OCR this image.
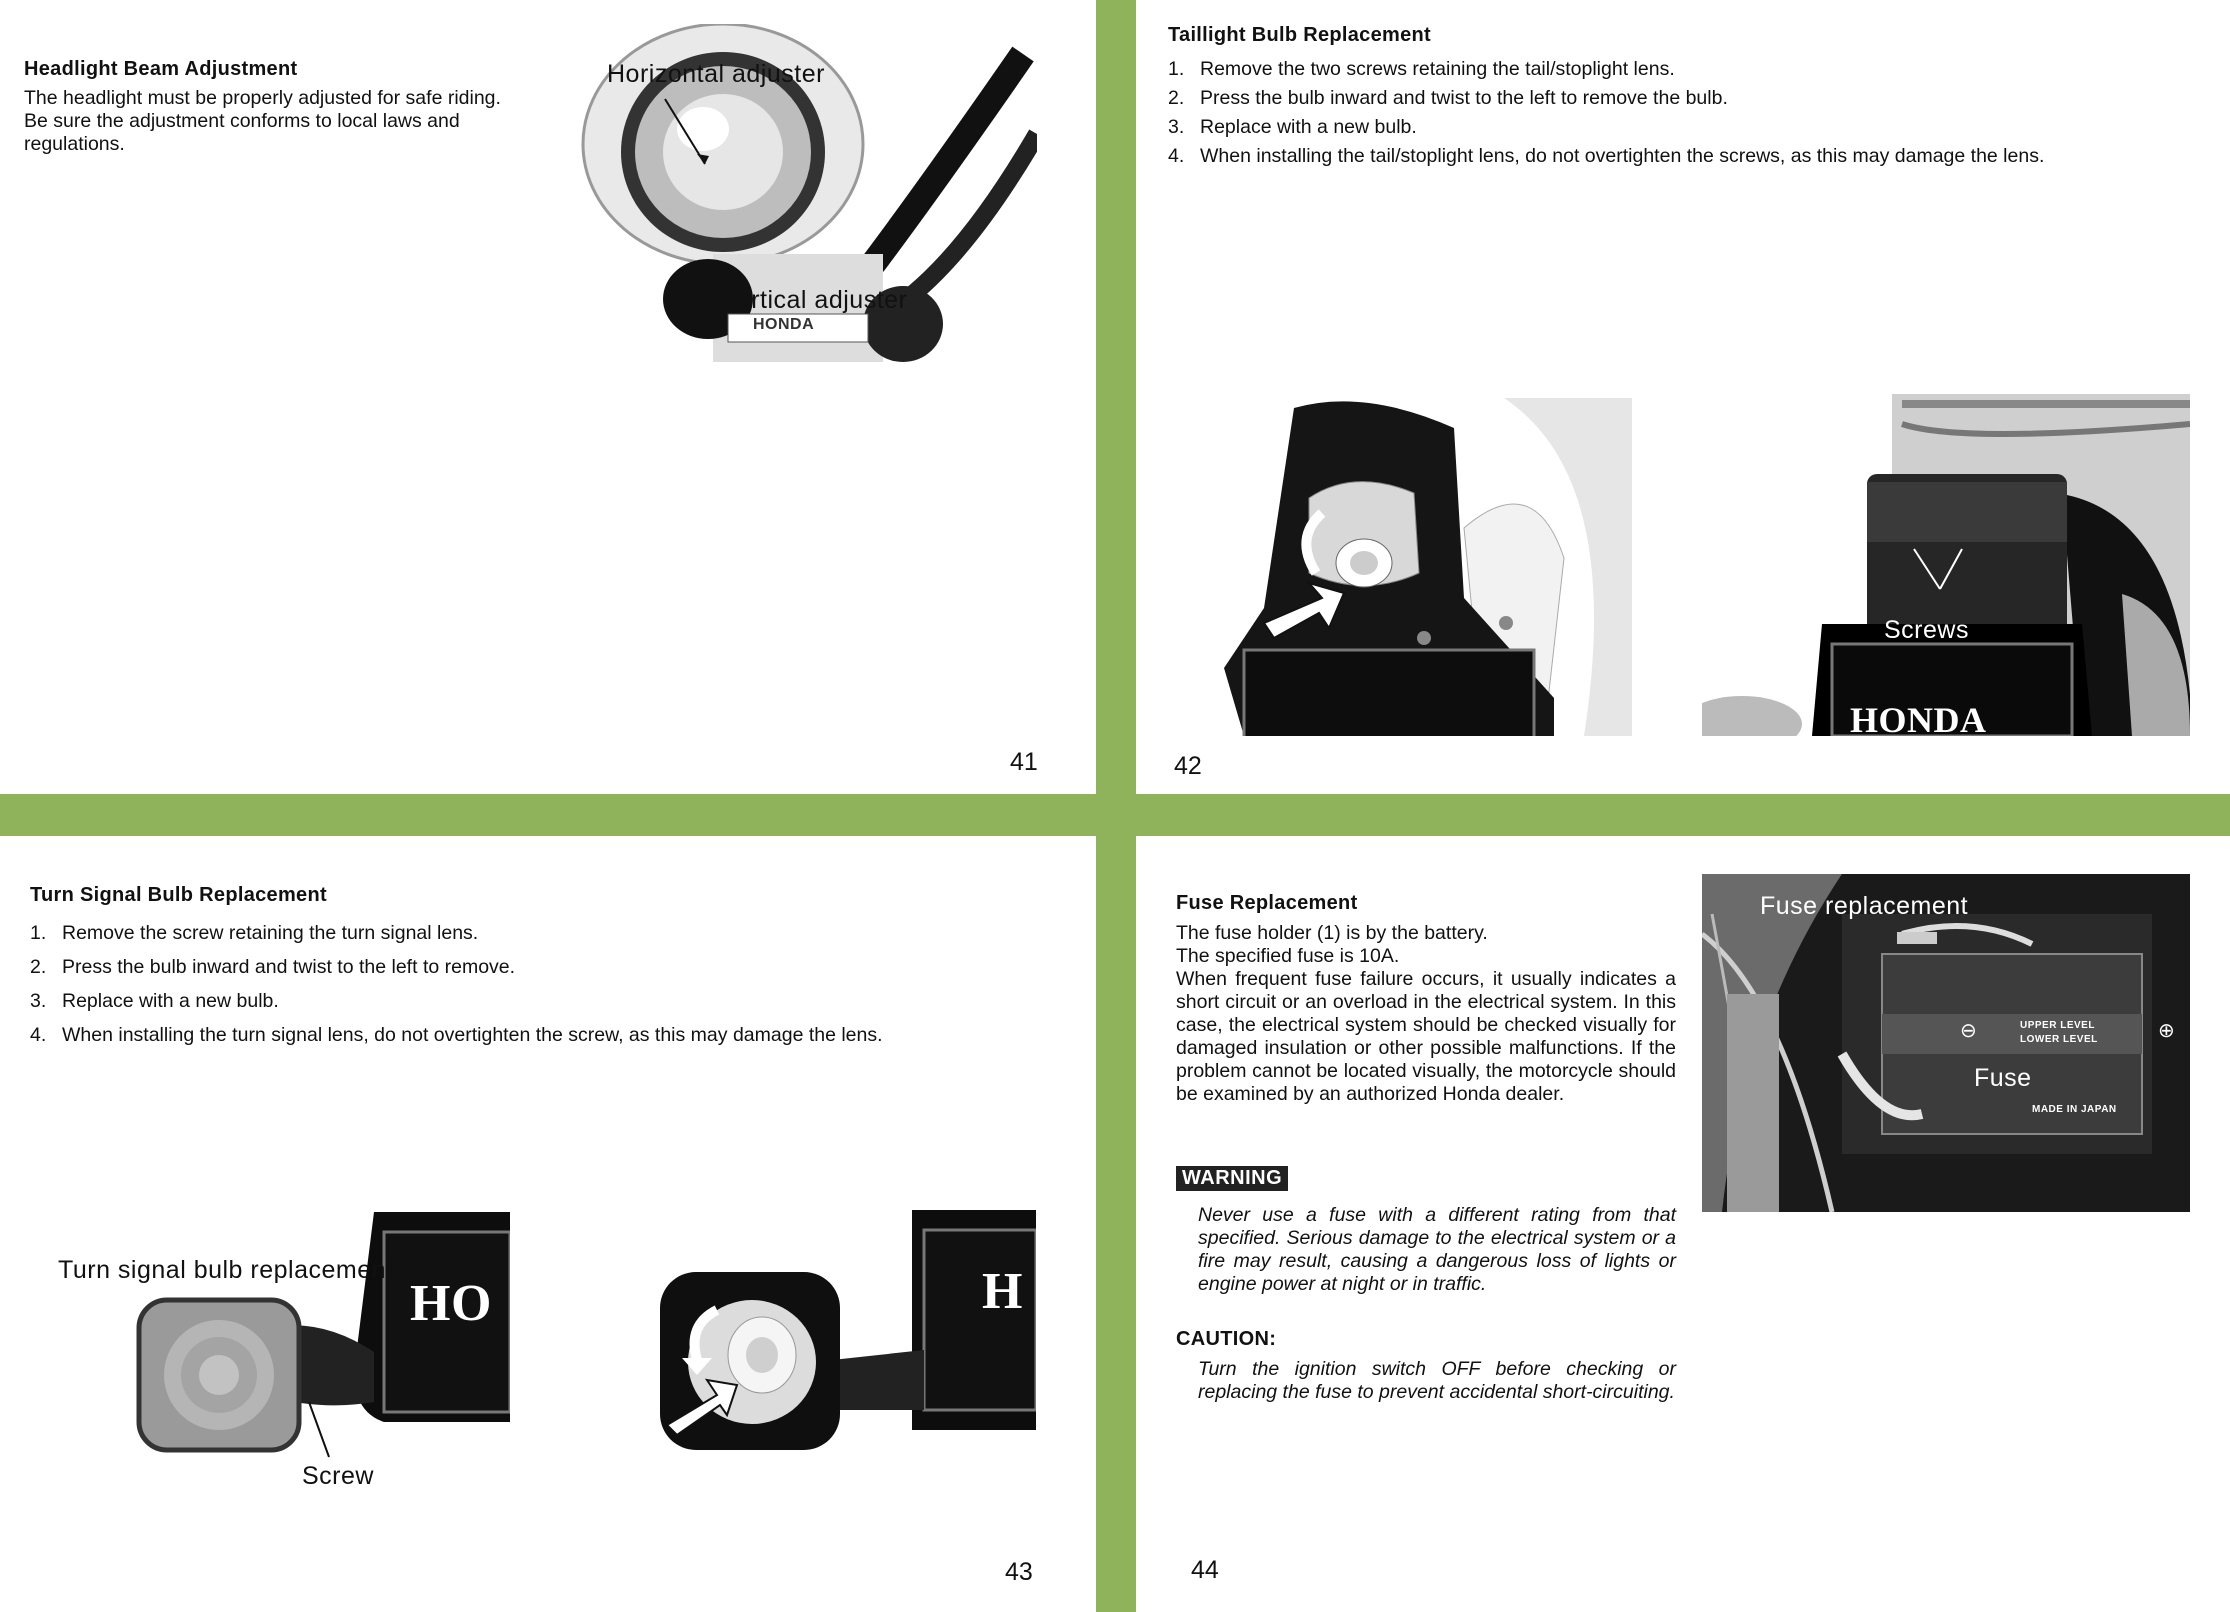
Headlight Beam Adjustment
The headlight must be properly adjusted for safe riding. Be sure the adjustment conforms to local laws and regulations.
Horizontal adjuster
Vertical adjuster
HONDA
41
Taillight Bulb Replacement
1. Remove the two screws retaining the tail/stoplight lens.
2. Press the bulb inward and twist to the left to remove the bulb.
3. Replace with a new bulb.
4. When installing the tail/stoplight lens, do not overtighten the screws, as this may damage the lens.
Screws
HONDA
42
Turn Signal Bulb Replacement
1. Remove the screw retaining the turn signal lens.
2. Press the bulb inward and twist to the left to remove.
3. Replace with a new bulb.
4. When installing the turn signal lens, do not overtighten the screw, as this may damage the lens.
Turn signal bulb replacement
Screw
HO	H
43
Fuse Replacement
The fuse holder (1) is by the battery.
The specified fuse is 10A.
When frequent fuse failure occurs, it usually indicates a short circuit or an overload in the electrical system. In this case, the electrical system should be checked visually for damaged insulation or other possible malfunctions. If the problem cannot be located visually, the motorcycle should be examined by an authorized Honda dealer.
WARNING
Never use a fuse with a different rating from that specified. Serious damage to the electrical system or a fire may result, causing a dangerous loss of lights or engine power at night or in traffic.
CAUTION:
Turn the ignition switch OFF before checking or replacing the fuse to prevent accidental short-circuiting.
Fuse replacement
Fuse
UPPER LEVEL
LOWER LEVEL
MADE IN JAPAN
⊖	⊕
44
